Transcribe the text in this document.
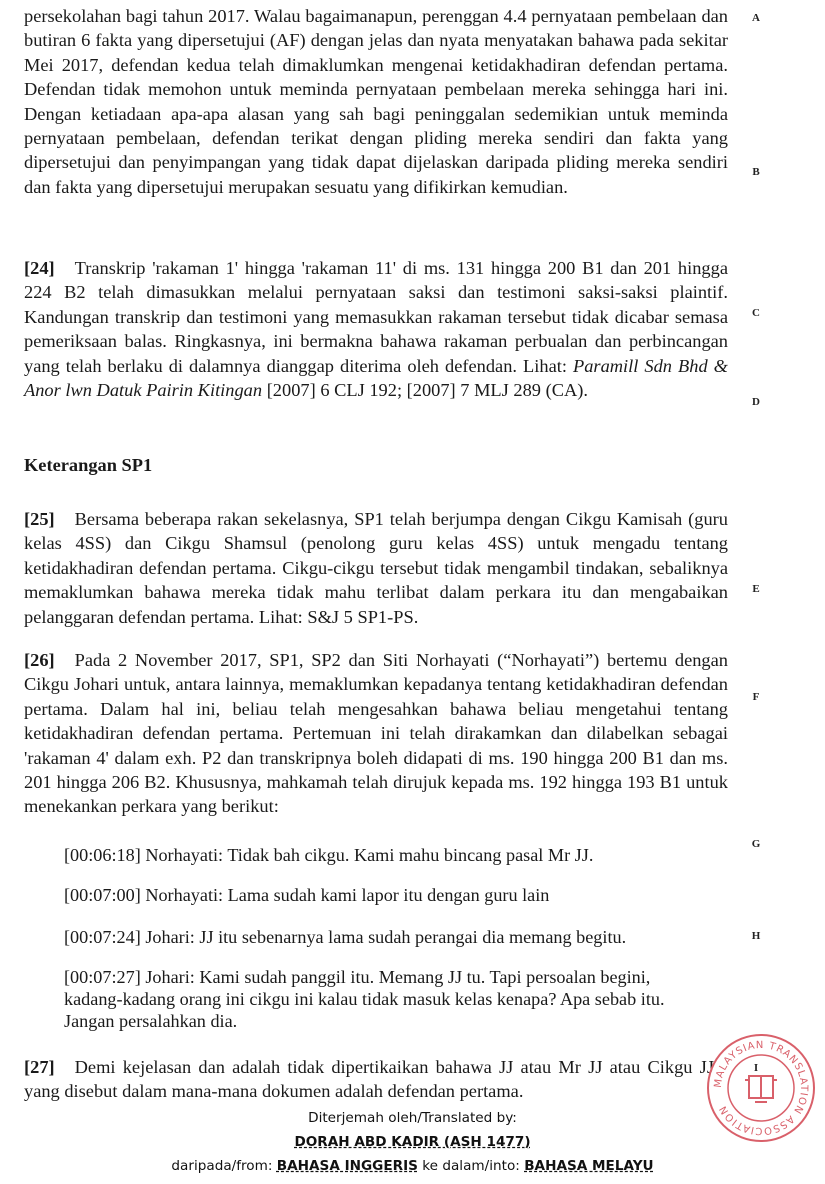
persekolahan bagi tahun 2017. Walau bagaimanapun, perenggan 4.4 pernyataan pembelaan dan butiran 6 fakta yang dipersetujui (AF) dengan jelas dan nyata menyatakan bahawa pada sekitar Mei 2017, defendan kedua telah dimaklumkan mengenai ketidakhadiran defendan pertama. Defendan tidak memohon untuk meminda pernyataan pembelaan mereka sehingga hari ini. Dengan ketiadaan apa-apa alasan yang sah bagi peninggalan sedemikian untuk meminda pernyataan pembelaan, defendan terikat dengan pliding mereka sendiri dan fakta yang dipersetujui dan penyimpangan yang tidak dapat dijelaskan daripada pliding mereka sendiri dan fakta yang dipersetujui merupakan sesuatu yang difikirkan kemudian.

[24] Transkrip 'rakaman 1' hingga 'rakaman 11' di ms. 131 hingga 200 B1 dan 201 hingga 224 B2 telah dimasukkan melalui pernyataan saksi dan testimoni saksi-saksi plaintif. Kandungan transkrip dan testimoni yang memasukkan rakaman tersebut tidak dicabar semasa pemeriksaan balas. Ringkasnya, ini bermakna bahawa rakaman perbualan dan perbincangan yang telah berlaku di dalamnya dianggap diterima oleh defendan. Lihat: Paramill Sdn Bhd & Anor lwn Datuk Pairin Kitingan [2007] 6 CLJ 192; [2007] 7 MLJ 289 (CA).

Keterangan SP1

[25] Bersama beberapa rakan sekelasnya, SP1 telah berjumpa dengan Cikgu Kamisah (guru kelas 4SS) dan Cikgu Shamsul (penolong guru kelas 4SS) untuk mengadu tentang ketidakhadiran defendan pertama. Cikgu-cikgu tersebut tidak mengambil tindakan, sebaliknya memaklumkan bahawa mereka tidak mahu terlibat dalam perkara itu dan mengabaikan pelanggaran defendan pertama. Lihat: S&J 5 SP1-PS.

[26] Pada 2 November 2017, SP1, SP2 dan Siti Norhayati (“Norhayati”) bertemu dengan Cikgu Johari untuk, antara lainnya, memaklumkan kepadanya tentang ketidakhadiran defendan pertama. Dalam hal ini, beliau telah mengesahkan bahawa beliau mengetahui tentang ketidakhadiran defendan pertama. Pertemuan ini telah dirakamkan dan dilabelkan sebagai 'rakaman 4' dalam exh. P2 dan transkripnya boleh didapati di ms. 190 hingga 200 B1 dan ms. 201 hingga 206 B2. Khususnya, mahkamah telah dirujuk kepada ms. 192 hingga 193 B1 untuk menekankan perkara yang berikut:

[00:06:18] Norhayati: Tidak bah cikgu. Kami mahu bincang pasal Mr JJ.

[00:07:00] Norhayati: Lama sudah kami lapor itu dengan guru lain

[00:07:24] Johari: JJ itu sebenarnya lama sudah perangai dia memang begitu.

[00:07:27] Johari: Kami sudah panggil itu. Memang JJ tu. Tapi persoalan begini, kadang-kadang orang ini cikgu ini kalau tidak masuk kelas kenapa? Apa sebab itu. Jangan persalahkan dia.

[27] Demi kejelasan dan adalah tidak dipertikaikan bahawa JJ atau Mr JJ atau Cikgu JJ yang disebut dalam mana-mana dokumen adalah defendan pertama.

A
B
C
D
E
F
G
H
I
Diterjemah oleh/Translated by:
DORAH ABD KADIR (ASH 1477)
daripada/from: BAHASA INGGERIS ke dalam/into: BAHASA MELAYU
MALAYSIAN TRANSLATION ASSOCIATION
